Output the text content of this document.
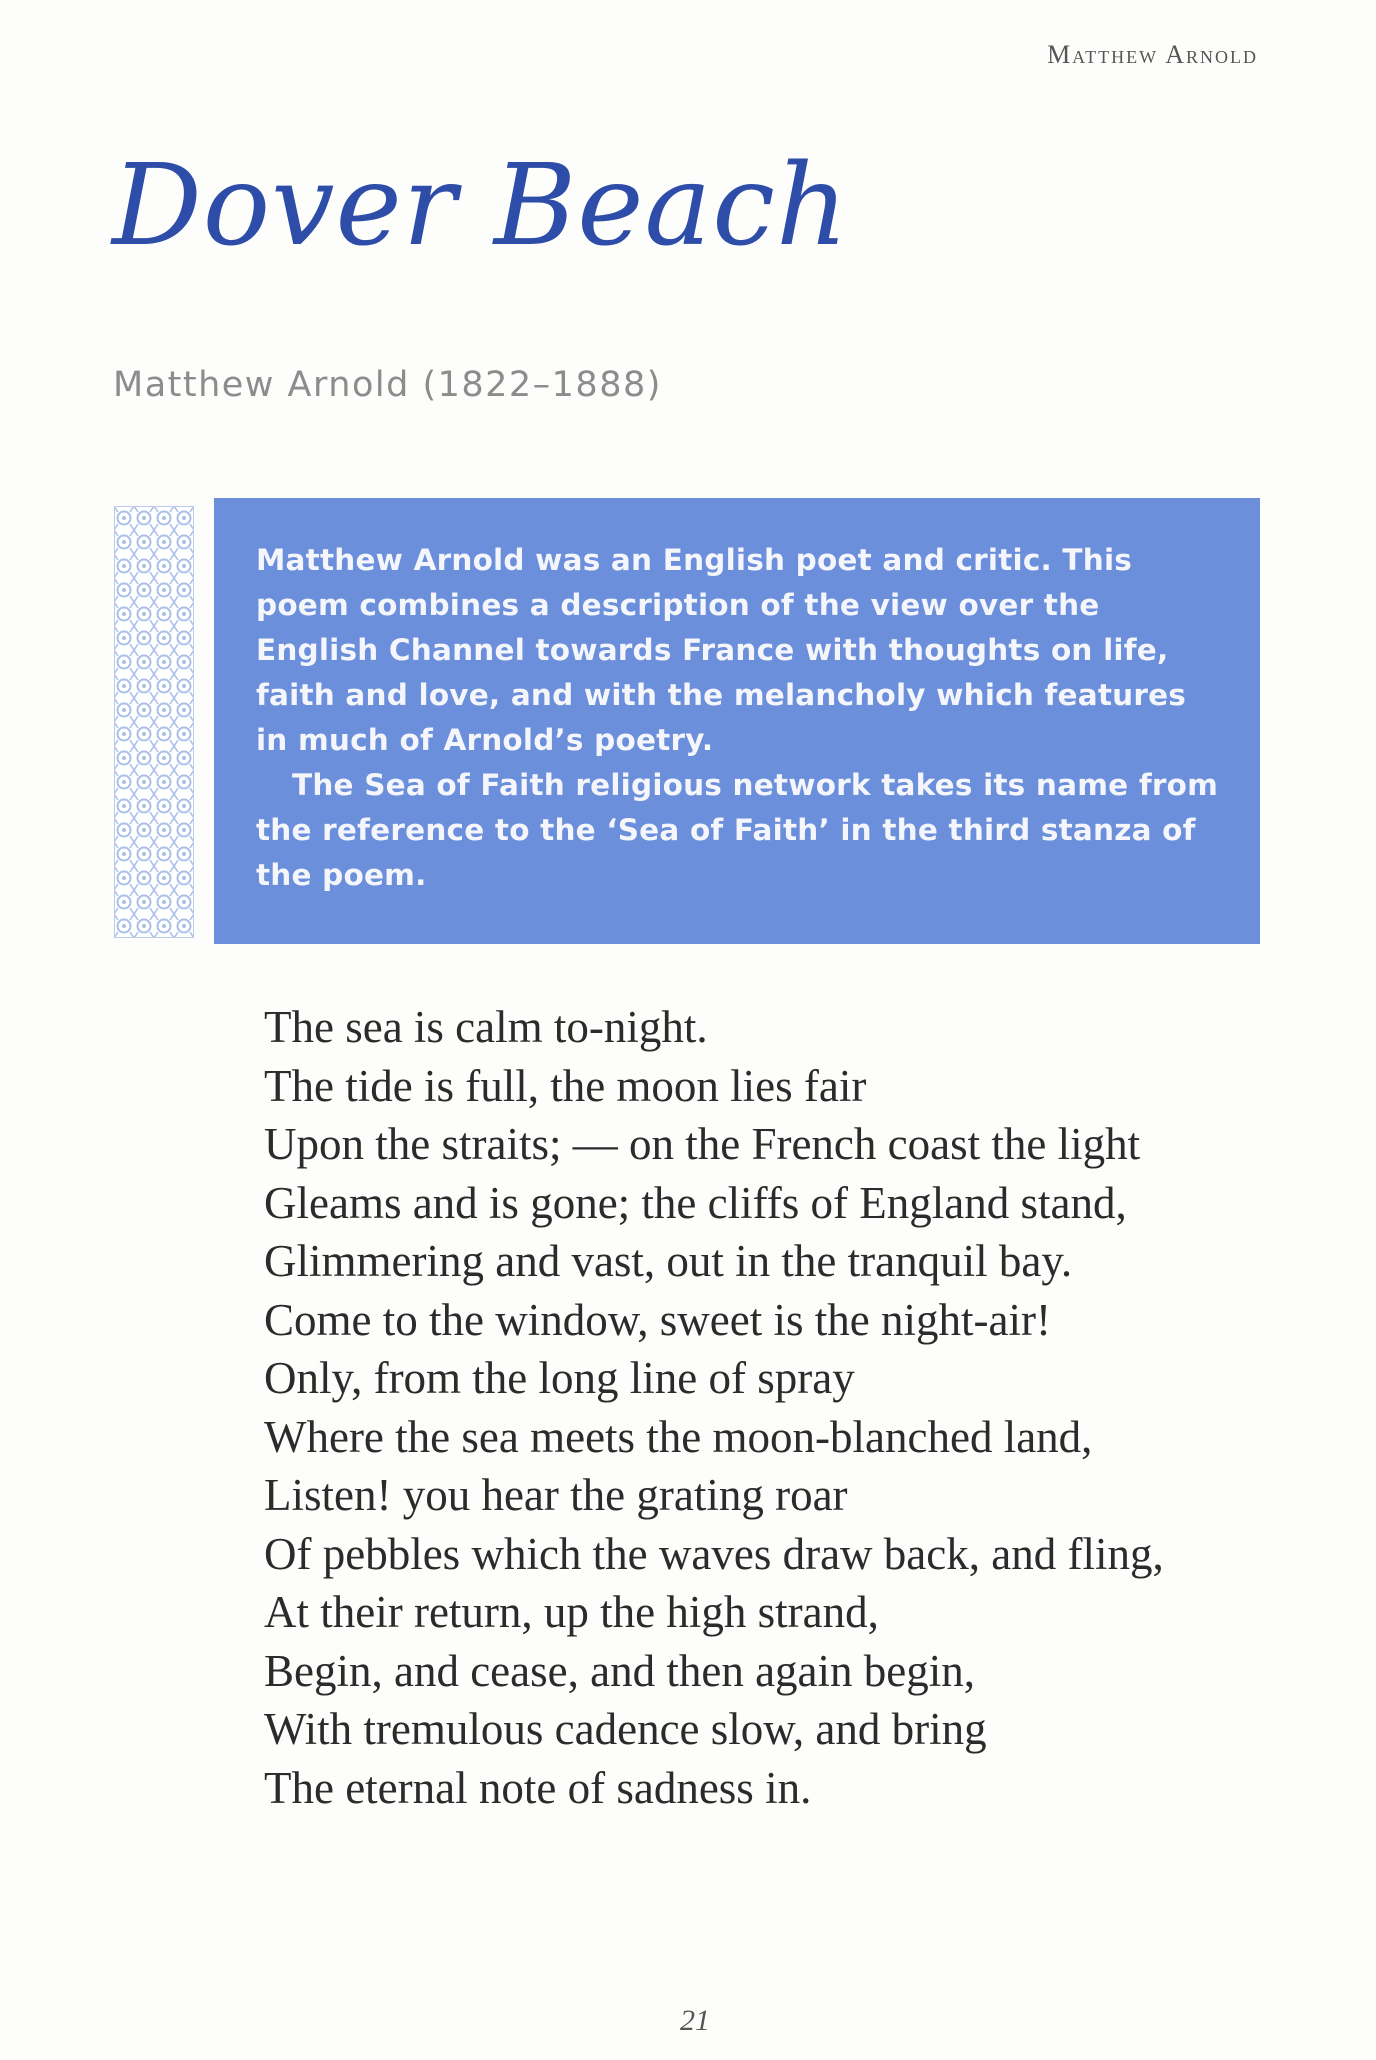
Matthew Arnold
Dover Beach
Matthew Arnold (1822–1888)

Matthew Arnold was an English poet and critic. This poem combines a description of the view over the English Channel towards France with thoughts on life, faith and love, and with the melancholy which features in much of Arnold’s poetry.

The Sea of Faith religious network takes its name from the reference to the ‘Sea of Faith’ in the third stanza of the poem.

The sea is calm to-night.
The tide is full, the moon lies fair
Upon the straits; — on the French coast the light
Gleams and is gone; the cliffs of England stand,
Glimmering and vast, out in the tranquil bay.
Come to the window, sweet is the night-air!
Only, from the long line of spray
Where the sea meets the moon-blanched land,
Listen! you hear the grating roar
Of pebbles which the waves draw back, and fling,
At their return, up the high strand,
Begin, and cease, and then again begin,
With tremulous cadence slow, and bring
The eternal note of sadness in.
21
